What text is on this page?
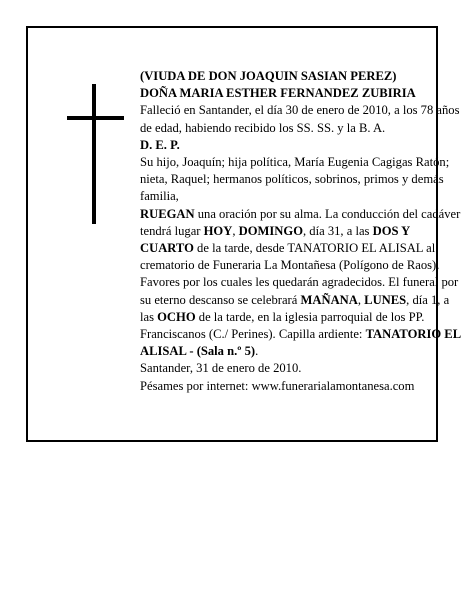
(VIUDA DE DON JOAQUIN SASIAN PEREZ)

DOÑA MARIA ESTHER FERNANDEZ ZUBIRIA

Falleció en Santander, el día 30 de enero de 2010, a los 78 años de edad, habiendo recibido los SS. SS. y la B. A.

D. E. P.

Su hijo, Joaquín; hija política, María Eugenia Cagigas Ratón; nieta, Raquel; hermanos políticos, sobrinos, primos y demás familia,

RUEGAN una oración por su alma. La conducción del cadáver tendrá lugar HOY, DOMINGO, día 31, a las DOS Y CUARTO de la tarde, desde TANATORIO EL ALISAL al crematorio de Funeraria La Montañesa (Polígono de Raos). Favores por los cuales les quedarán agradecidos. El funeral por su eterno descanso se celebrará MAÑANA, LUNES, día 1, a las OCHO de la tarde, en la iglesia parroquial de los PP. Franciscanos (C./ Perines). Capilla ardiente: TANATORIO EL ALISAL - (Sala n.º 5).

Santander, 31 de enero de 2010.

Pésames por internet: www.funerarialamontanesa.com
